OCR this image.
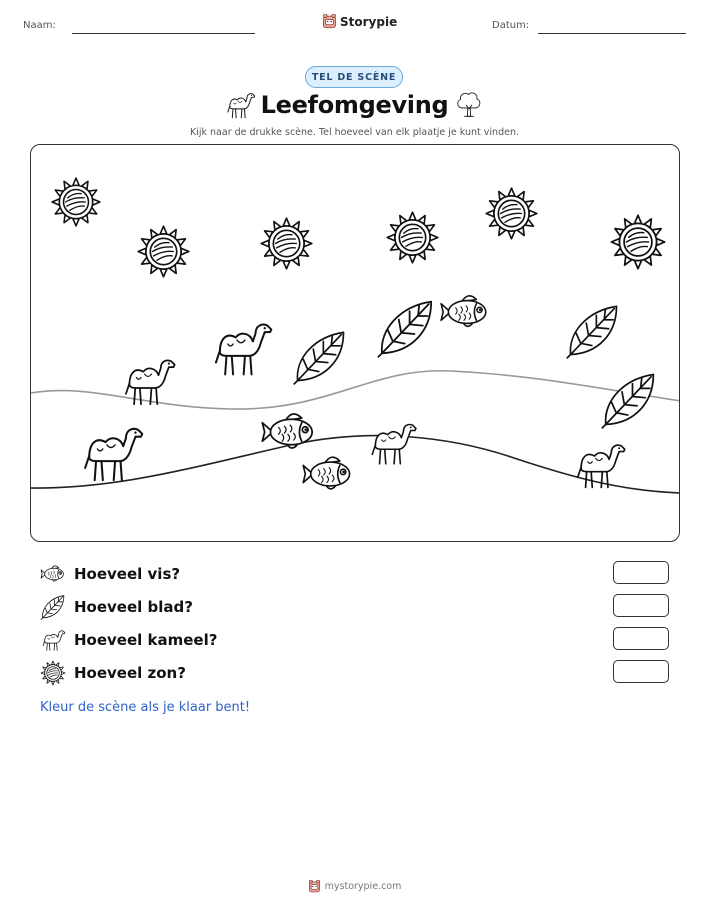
Naam:	Storypie	Datum:
TEL DE SCÈNE
Leefomgeving
Kijk naar de drukke scène. Tel hoeveel van elk plaatje je kunt vinden.
Hoeveel vis?
Hoeveel blad?
Hoeveel kameel?
Hoeveel zon?
Kleur de scène als je klaar bent!
mystorypie.com
